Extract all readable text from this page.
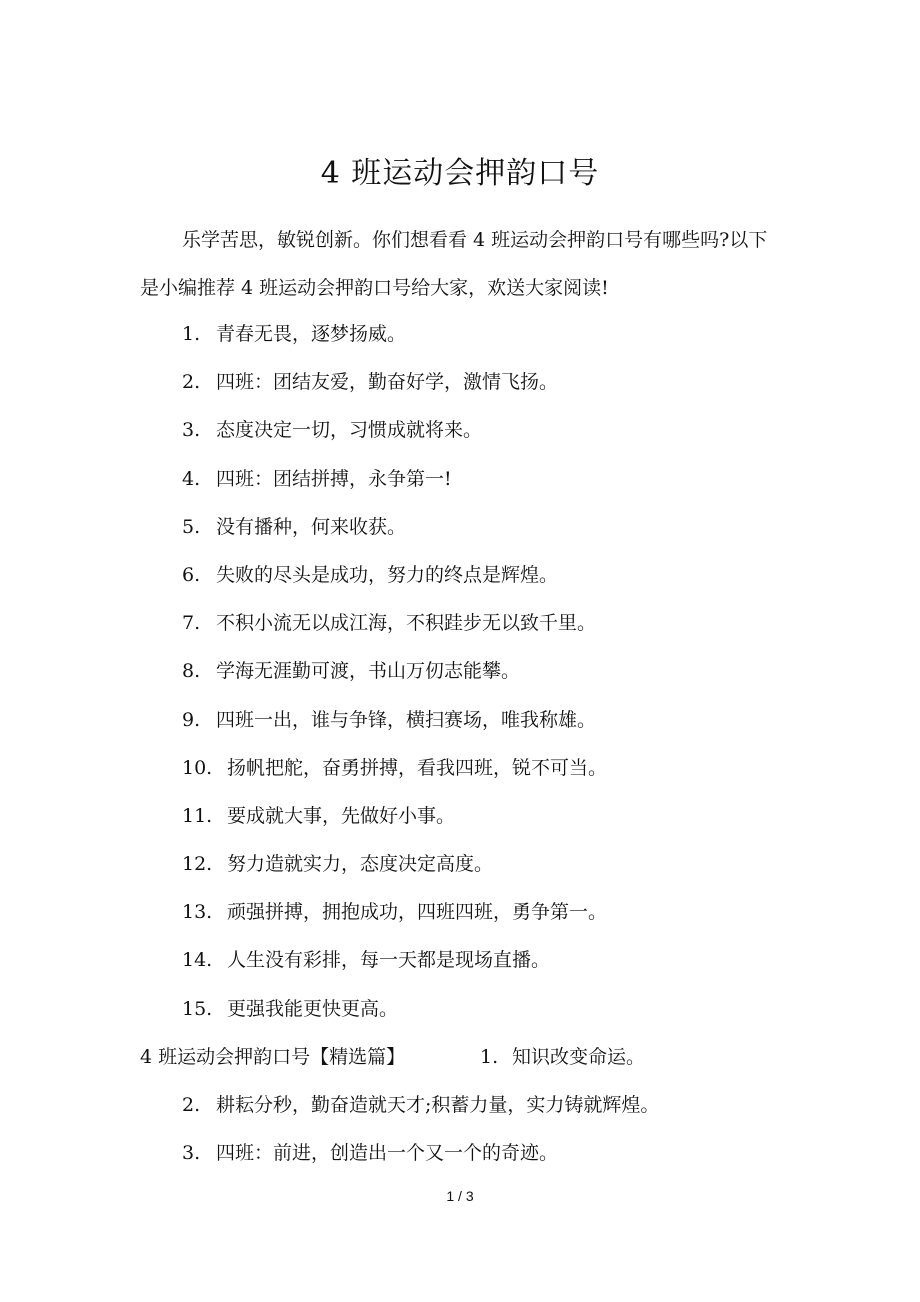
4 班运动会押韵口号

乐学苦思，敏锐创新。你们想看看 4 班运动会押韵口号有哪些吗?以下是小编推荐 4 班运动会押韵口号给大家，欢送大家阅读!

1. 青春无畏，逐梦扬威。
2. 四班：团结友爱，勤奋好学，激情飞扬。
3. 态度决定一切，习惯成就将来。
4. 四班：团结拼搏，永争第一!
5. 没有播种，何来收获。
6. 失败的尽头是成功，努力的终点是辉煌。
7. 不积小流无以成江海，不积跬步无以致千里。
8. 学海无涯勤可渡，书山万仞志能攀。
9. 四班一出，谁与争锋，横扫赛场，唯我称雄。
10. 扬帆把舵，奋勇拼搏，看我四班，锐不可当。
11. 要成就大事，先做好小事。
12. 努力造就实力，态度决定高度。
13. 顽强拼搏，拥抱成功，四班四班，勇争第一。
14. 人生没有彩排，每一天都是现场直播。
15. 更强我能更快更高。
4 班运动会押韵口号【精选篇】	1. 知识改变命运。
2. 耕耘分秒，勤奋造就天才;积蓄力量，实力铸就辉煌。
3. 四班：前进，创造出一个又一个的奇迹。
1 / 3
